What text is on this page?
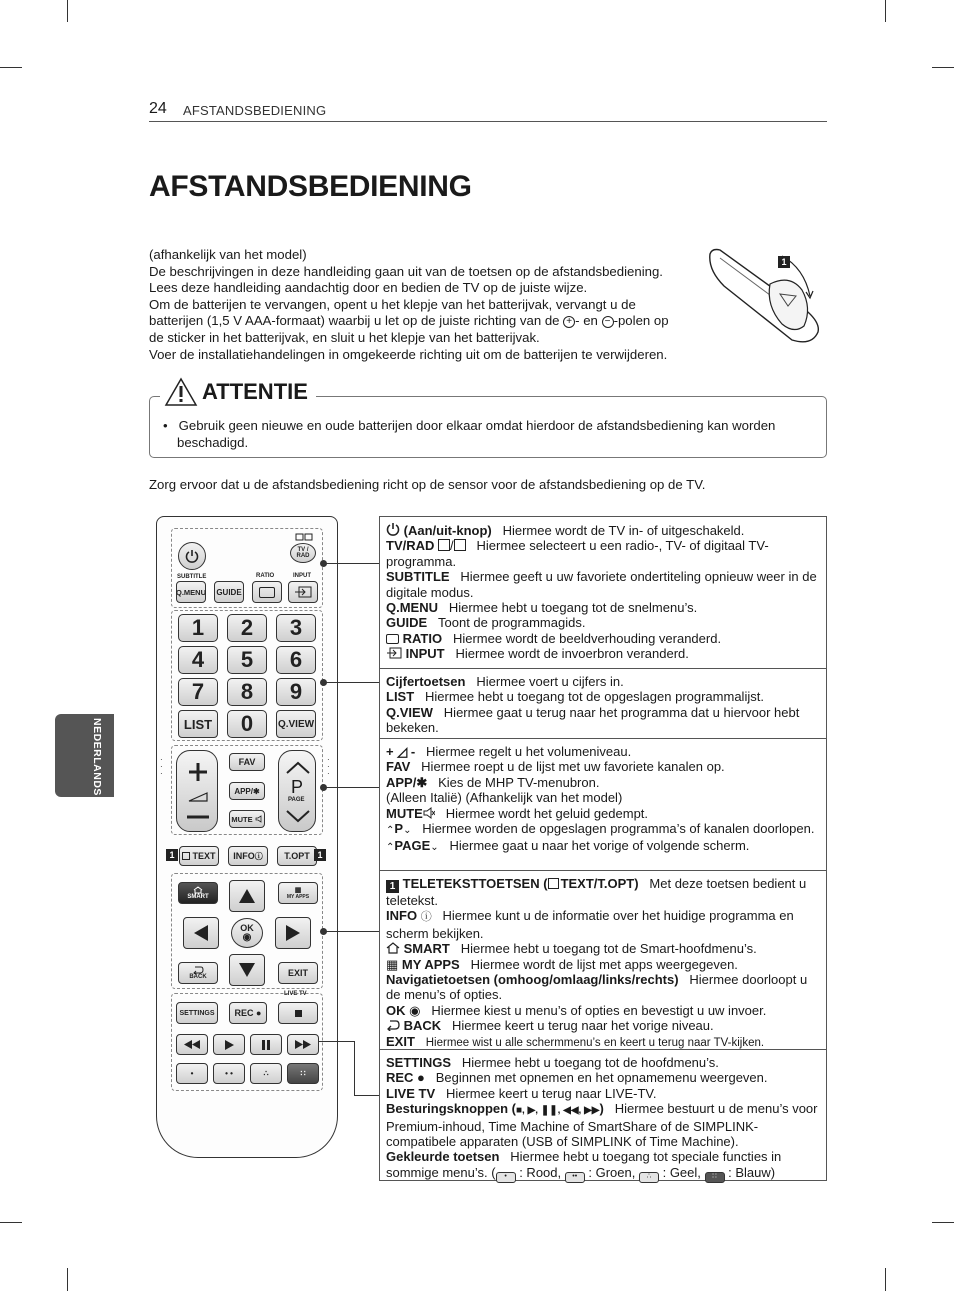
24 AFSTANDSBEDIENING
AFSTANDSBEDIENING
(afhankelijk van het model)
De beschrijvingen in deze handleiding gaan uit van de toetsen op de afstandsbediening.
Lees deze handleiding aandachtig door en bedien de TV op de juiste wijze.
Om de batterijen te vervangen, opent u het klepje van het batterijvak, vervangt u de
batterijen (1,5 V AAA-formaat) waarbij u let op de juiste richting van de + - en − -polen op
de sticker in het batterijvak, en sluit u het klepje van het batterijvak.
Voer de installatiehandelingen in omgekeerde richting uit om de batterijen te verwijderen.
1
ATTENTIE
•   Gebruik geen nieuwe en oude batterijen door elkaar omdat hierdoor de afstandsbediening kan worden beschadigd.
Zorg ervoor dat u de afstandsbediening richt op de sensor voor de afstandsbediening op de TV.
NEDERLANDS
TV / RAD
SUBTITLE	RATIO	INPUT
Q.MENU GUIDE
1	2	3
4	5	6
7	8	9
LIST	0	Q.VIEW
FAV
APP/✱
MUTE

P
PAGE
1	TEXT INFO ⓘ	T.OPT 1
SMART
▦
MY APPS
OK
◉
BACK	EXIT
LIVE TV
SETTINGS	REC ●
•	• •	∴	∷
·
·
·
·
·
·
(Aan/uit-knop) Hiermee wordt de TV in- of uitgeschakeld.
TV/RAD / Hiermee selecteert u een radio-, TV- of digitaal TV-programma.
SUBTITLE Hiermee geeft u uw favoriete ondertiteling opnieuw weer in de digitale modus.
Q.MENU Hiermee hebt u toegang tot de snelmenu’s.
GUIDE Toont de programmagids.
RATIO Hiermee wordt de beeldverhouding veranderd.
INPUT Hiermee wordt de invoerbron veranderd.
Cijfertoetsen Hiermee voert u cijfers in.
LIST Hiermee hebt u toegang tot de opgeslagen programmalijst.
Q.VIEW Hiermee gaat u terug naar het programma dat u hiervoor hebt bekeken.
+ ◿ - Hiermee regelt u het volumeniveau.
FAV Hiermee roept u de lijst met uw favoriete kanalen op.
APP/✱ Kies de MHP TV-menubron.
(Alleen Italië) (Afhankelijk van het model)
MUTE Hiermee wordt het geluid gedempt.
⌃P⌄ Hiermee worden de opgeslagen programma’s of kanalen doorlopen.
⌃PAGE⌄ Hiermee gaat u naar het vorige of volgende scherm.
1 TELETEKSTTOETSEN ( TEXT/T.OPT) Met deze toetsen bedient u teletekst.
INFO ⓘ Hiermee kunt u de informatie over het huidige programma en scherm bekijken.
SMART Hiermee hebt u toegang tot de Smart-hoofdmenu’s.
▦ MY APPS Hiermee wordt de lijst met apps weergegeven.
Navigatietoetsen (omhoog/omlaag/links/rechts) Hiermee doorloopt u de menu’s of opties.
OK ◉ Hiermee kiest u menu’s of opties en bevestigt u uw invoer.
BACK Hiermee keert u terug naar het vorige niveau.
EXIT Hiermee wist u alle schermmenu’s en keert u terug naar TV-kijken.
SETTINGS Hiermee hebt u toegang tot de hoofdmenu’s.
REC ● Beginnen met opnemen en het opnamemenu weergeven.
LIVE TV Hiermee keert u terug naar LIVE-TV.
Besturingsknoppen (■, ▶, ❚❚, ◀◀, ▶▶) Hiermee bestuurt u de menu’s voor Premium-inhoud, Time Machine of SmartShare of de SIMPLINK-compatibele apparaten (USB of SIMPLINK of Time Machine).
Gekleurde toetsen Hiermee hebt u toegang tot speciale functies in sommige menu’s. ( • : Rood, •• : Groen, ∴ : Geel, ∷ : Blauw)
